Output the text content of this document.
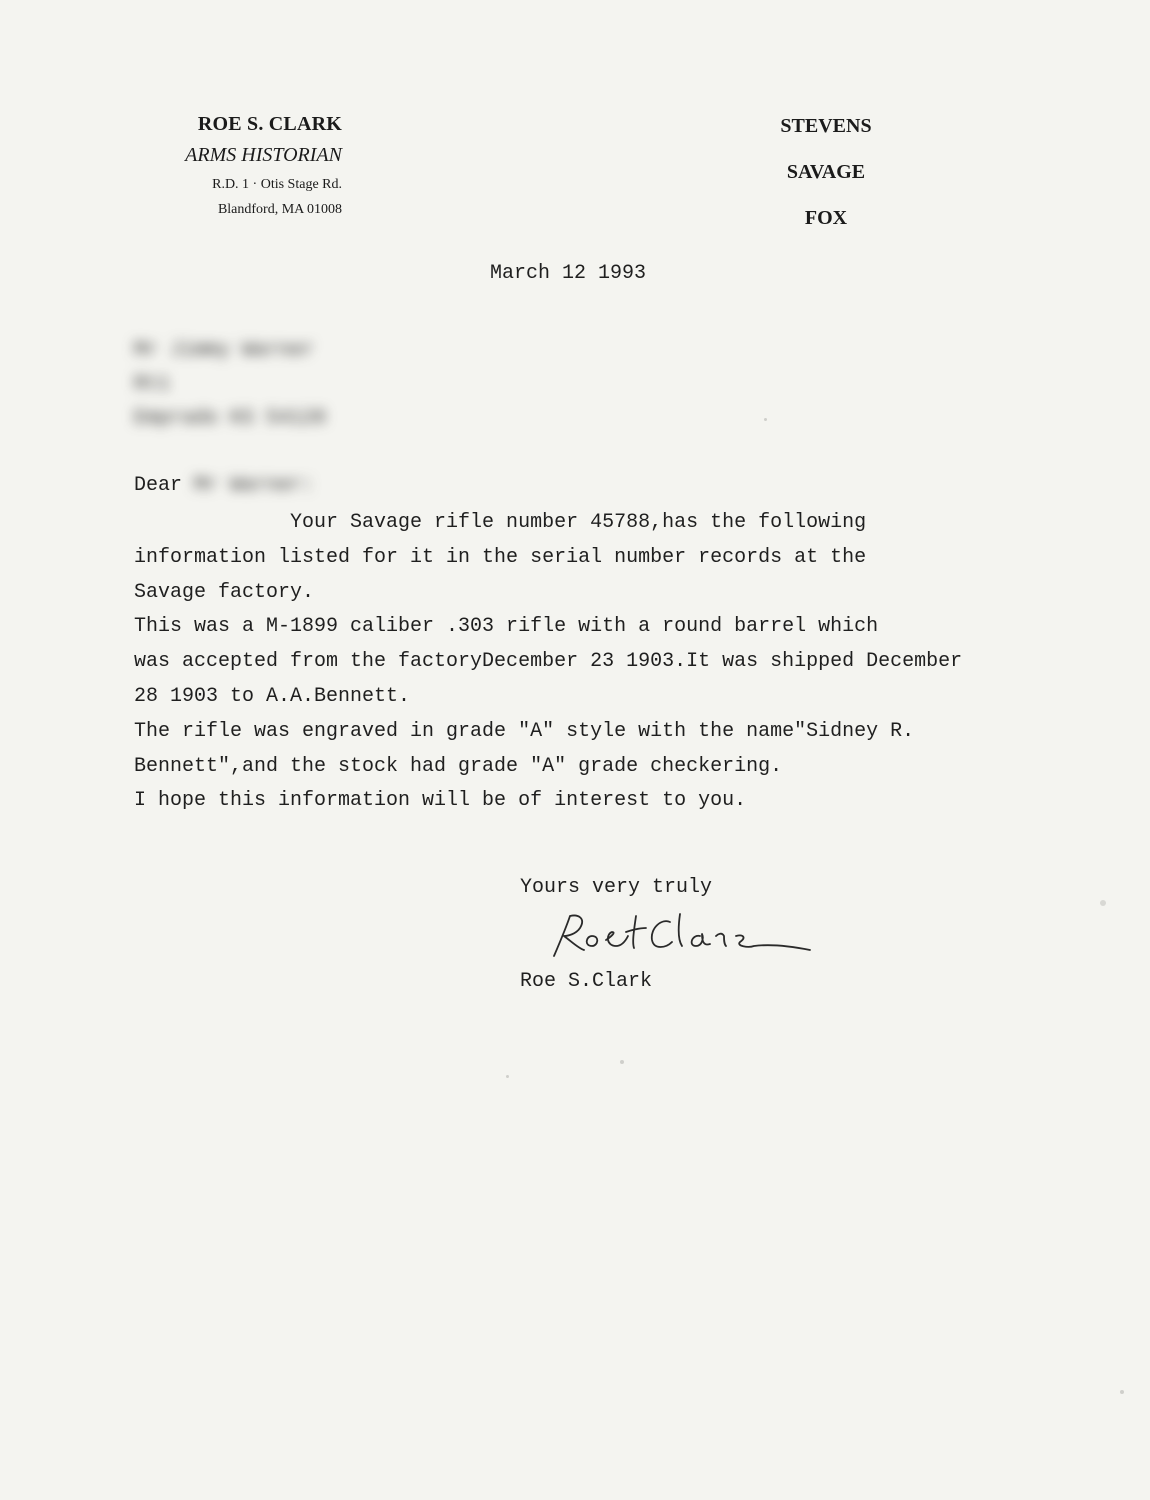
ROE S. CLARK
ARMS HISTORIAN
R.D. 1 · Otis Stage Rd.
Blandford, MA 01008
STEVENS
SAVAGE
FOX
March 12 1993
Mr Jimmy Warner
Rt1
Emprado KS 54128
Dear Mr Warner:
Your Savage rifle number 45788,has the following
information listed for it in the serial number records at the
Savage factory.
This was a M-1899 caliber .303 rifle with a round barrel which
was accepted from the factoryDecember 23 1903.It was shipped December
28 1903 to A.A.Bennett.
The rifle was engraved in grade "A" style with the name"Sidney R.
Bennett",and the stock had grade "A" grade checkering.
I hope this information will be of interest to you.
Yours very truly
Roe S.Clark
